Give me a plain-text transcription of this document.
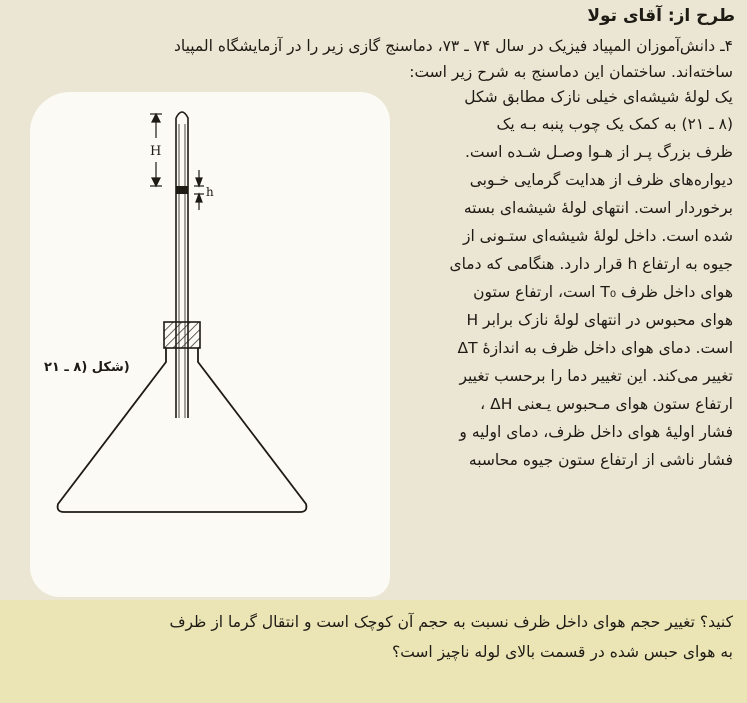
طرح از: آقای تولا
۴ـ دانش‌آموزان المپیاد فیزیک در سال ۷۴ ـ ۷۳، دماسنج گازی زیر را در آزمایشگاه المپیاد
ساخته‌اند. ساختمان این دماسنج به شرح زیر است:
یک لولهٔ شیشه‌ای خیلی نازک مطابق شکل
(۸ ـ ۲۱) به کمک یک چوب پنبه بـه یک
ظرف بزرگ پـر از هـوا وصـل شـده است.
دیواره‌های ظرف از هدایت گرمایی خـوبی
برخوردار است. انتهای لولهٔ شیشه‌ای بسته
شده است. داخل لولهٔ شیشه‌ای ستـونی از
جیوه به ارتفاع h قرار دارد. هنگامی که دمای
هوای داخل ظرف T₀ است، ارتفاع ستون
هوای محبوس در انتهای لولهٔ نازک برابر H
است. دمای هوای داخل ظرف به اندازهٔ ΔT
تغییر می‌کند. این تغییر دما را برحسب تغییر
ارتفاع ستون هوای مـحبوس یـعنی ΔH ،
فشار اولیهٔ هوای داخل ظرف، دمای اولیه و
فشار ناشی از ارتفاع ستون جیوه محاسبه
کنید؟ تغییر حجم هوای داخل ظرف نسبت به حجم آن کوچک است و انتقال گرما از ظرف
به هوای حبس شده در قسمت بالای لوله ناچیز است؟
H
h
(شکل (۸ ـ ۲۱
